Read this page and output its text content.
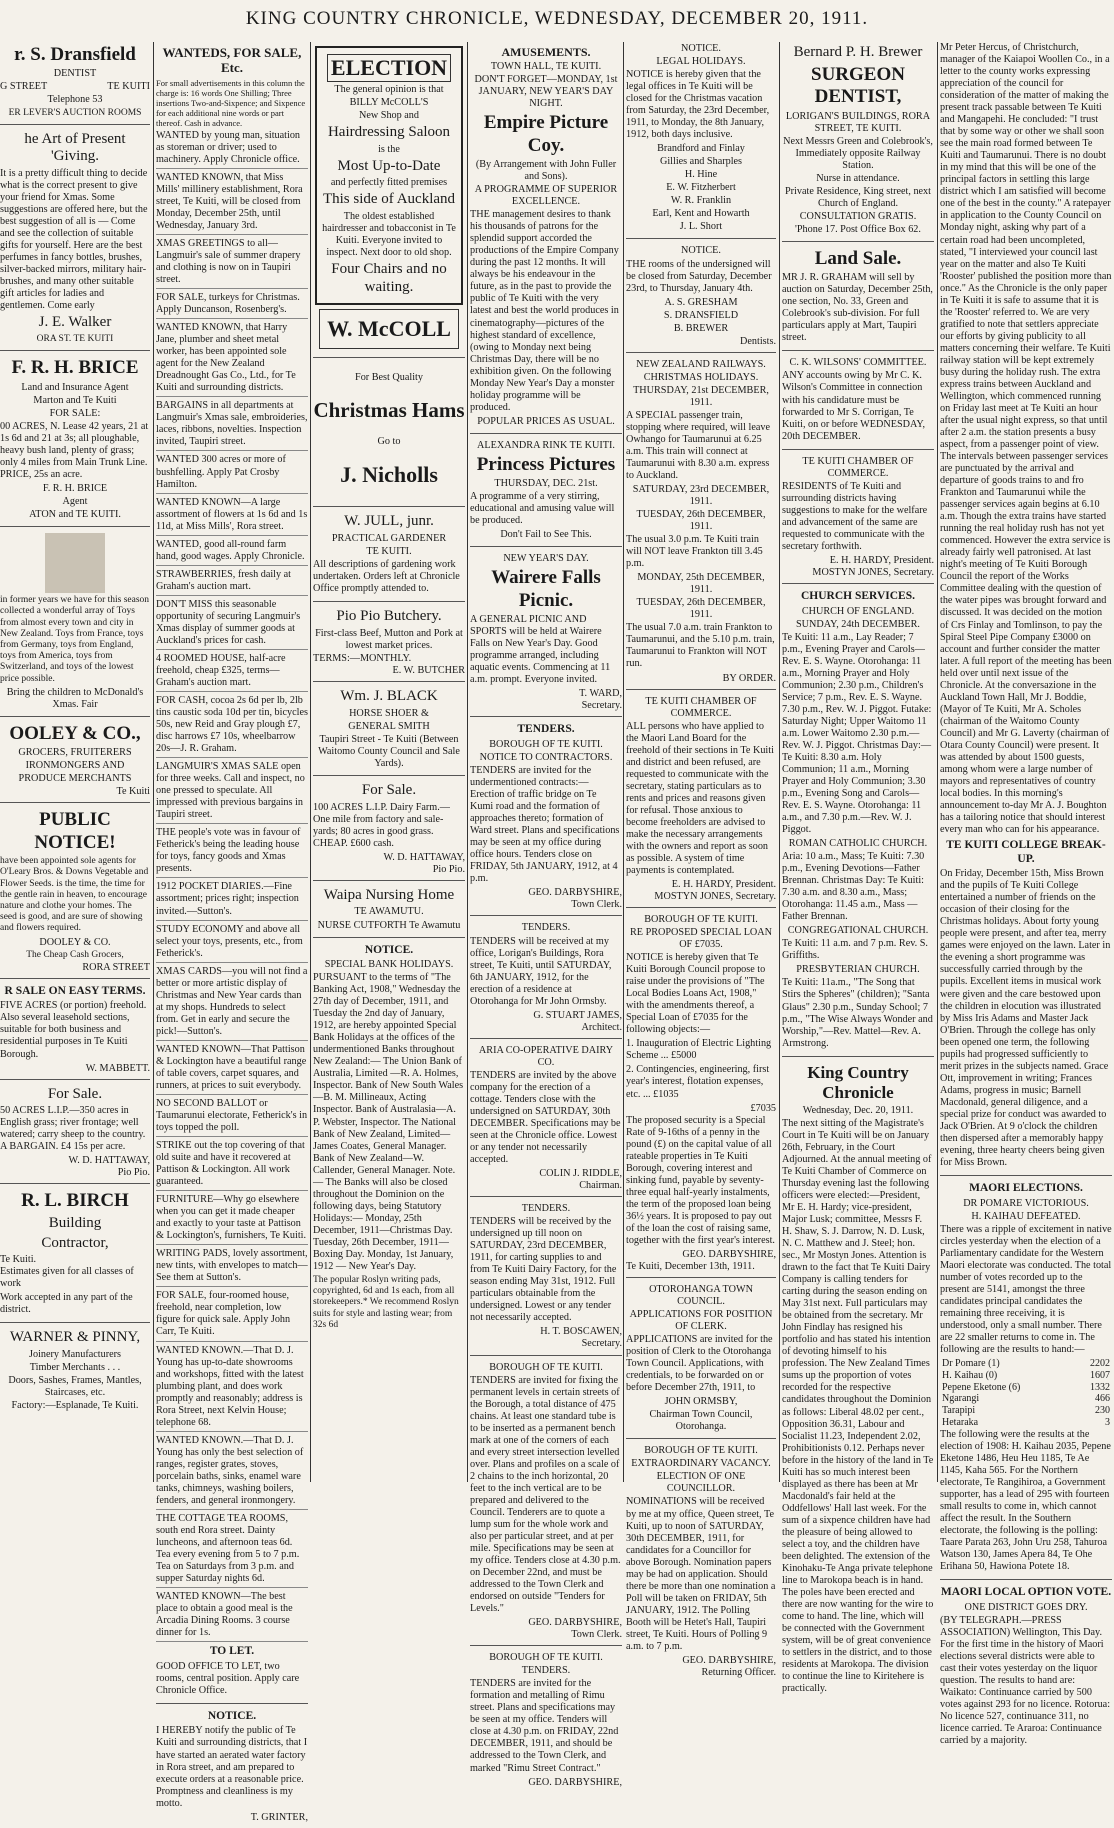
KING COUNTRY CHRONICLE, WEDNESDAY, DECEMBER 20, 1911.
r. S. Dransfield
DENTIST
G STREET	TE KUITI
Telephone 53
ER LEVER'S AUCTION ROOMS
he Art of Present 'Giving.

It is a pretty difficult thing to decide what is the correct present to give your friend for Xmas. Some suggestions are offered here, but the best suggestion of all is — Come and see the collection of suitable gifts for yourself. Here are the best perfumes in fancy bottles, brushes, silver-backed mirrors, military hair-brushes, and many other suitable gift articles for ladies and gentlemen. Come early

J. E. Walker
ORA ST. TE KUITI
F. R. H. BRICE
Land and Insurance Agent
Marton and Te Kuiti
FOR SALE:

00 ACRES, N. Lease 42 years, 21 at 1s 6d and 21 at 3s; all ploughable, heavy bush land, plenty of grass; only 4 miles from Main Trunk Line. PRICE, 25s an acre.

F. R. H. BRICE
Agent
ATON and TE KUITI.

in former years we have for this season collected a wonderful array of Toys from almost every town and city in New Zealand. Toys from France, toys from Germany, toys from England, toys from America, toys from Switzerland, and toys of the lowest price possible.

Bring the children to McDonald's Xmas. Fair
OOLEY & CO.,
GROCERS, FRUITERERS
IRONMONGERS AND
PRODUCE MERCHANTS
Te Kuiti
PUBLIC NOTICE!

have been appointed sole agents for O'Leary Bros. & Downs Vegetable and Flower Seeds. is the time, the time for the gentle rain in heaven, to encourage nature and clothe your homes. The seed is good, and are sure of showing and flowers required.

DOOLEY & CO.
The Cheap Cash Grocers,
RORA STREET
R SALE ON EASY TERMS.

FIVE ACRES (or portion) freehold. Also several leasehold sections, suitable for both business and residential purposes in Te Kuiti Borough.

W. MABBETT.
For Sale.

50 ACRES L.I.P.—350 acres in English grass; river frontage; well watered; carry sheep to the country. A BARGAIN. £4 15s per acre.

W. D. HATTAWAY,
Pio Pio.
R. L. BIRCH
Building
Contractor,
Te Kuiti.

Estimates given for all classes of work

Work accepted in any part of the district.

WARNER & PINNY,
Joinery Manufacturers
Timber Merchants . . .

Doors, Sashes, Frames, Mantles, Staircases, etc.

Factory:—Esplanade, Te Kuiti.
WANTEDS, FOR SALE, Etc.

For small advertisements in this column the charge is: 16 words One Shilling; Three insertions Two-and-Sixpence; and Sixpence for each additional nine words or part thereof. Cash in advance.

WANTED by young man, situation as storeman or driver; used to machinery. Apply Chronicle office.

WANTED KNOWN, that Miss Mills' millinery establishment, Rora street, Te Kuiti, will be closed from Monday, December 25th, until Wednesday, January 3rd.

XMAS GREETINGS to all—Langmuir's sale of summer drapery and clothing is now on in Taupiri street.

FOR SALE, turkeys for Christmas. Apply Duncanson, Rosenberg's.

WANTED KNOWN, that Harry Jane, plumber and sheet metal worker, has been appointed sole agent for the New Zealand Dreadnought Gas Co., Ltd., for Te Kuiti and surrounding districts.

BARGAINS in all departments at Langmuir's Xmas sale, embroideries, laces, ribbons, novelties. Inspection invited, Taupiri street.

WANTED 300 acres or more of bushfelling. Apply Pat Crosby Hamilton.

WANTED KNOWN—A large assortment of flowers at 1s 6d and 1s 11d, at Miss Mills', Rora street.

WANTED, good all-round farm hand, good wages. Apply Chronicle.

STRAWBERRIES, fresh daily at Graham's auction mart.

DON'T MISS this seasonable opportunity of securing Langmuir's Xmas display of summer goods at Auckland's prices for cash.

4 ROOMED HOUSE, half-acre freehold, cheap £325, terms—Graham's auction mart.

FOR CASH, cocoa 2s 6d per lb, 2lb tins caustic soda 10d per tin, bicycles 50s, new Reid and Gray plough £7, disc harrows £7 10s, wheelbarrow 20s—J. R. Graham.

LANGMUIR'S XMAS SALE open for three weeks. Call and inspect, no one pressed to speculate. All impressed with previous bargains in Taupiri street.

THE people's vote was in favour of Fetherick's being the leading house for toys, fancy goods and Xmas presents.

1912 POCKET DIARIES.—Fine assortment; prices right; inspection invited.—Sutton's.

STUDY ECONOMY and above all select your toys, presents, etc., from Fetherick's.

XMAS CARDS—you will not find a better or more artistic display of Christmas and New Year cards than at my shops. Hundreds to select from. Get in early and secure the pick!—Sutton's.

WANTED KNOWN—That Pattison & Lockington have a beautiful range of table covers, carpet squares, and runners, at prices to suit everybody.

NO SECOND BALLOT or Taumarunui electorate, Fetherick's in toys topped the poll.

STRIKE out the top covering of that old suite and have it recovered at Pattison & Lockington. All work guaranteed.

FURNITURE—Why go elsewhere when you can get it made cheaper and exactly to your taste at Pattison & Lockington's, furnishers, Te Kuiti.

WRITING PADS, lovely assortment, new tints, with envelopes to match—See them at Sutton's.

FOR SALE, four-roomed house, freehold, near completion, low figure for quick sale. Apply John Carr, Te Kuiti.

WANTED KNOWN.—That D. J. Young has up-to-date showrooms and workshops, fitted with the latest plumbing plant, and does work promptly and reasonably; address is Rora Street, next Kelvin House; telephone 68.

WANTED KNOWN.—That D. J. Young has only the best selection of ranges, register grates, stoves, porcelain baths, sinks, enamel ware tanks, chimneys, washing boilers, fenders, and general ironmongery.

THE COTTAGE TEA ROOMS, south end Rora street. Dainty luncheons, and afternoon teas 6d. Tea every evening from 5 to 7 p.m. Tea on Saturdays from 3 p.m. and supper Saturday nights 6d.

WANTED KNOWN—The best place to obtain a good meal is the Arcadia Dining Rooms. 3 course dinner for 1s.

TO LET.

GOOD OFFICE TO LET, two rooms, central position. Apply care Chronicle Office.

NOTICE.

I HEREBY notify the public of Te Kuiti and surrounding districts, that I have started an aerated water factory in Rora street, and am prepared to execute orders at a reasonable price. Promptness and cleanliness is my motto.

T. GRINTER,
ELECTION
The general opinion is that
BILLY McCOLL'S
New Shop and
Hairdressing Saloon
is the
Most Up-to-Date
and perfectly fitted premises
This side of Auckland

The oldest established hairdresser and tobacconist in Te Kuiti. Everyone invited to inspect. Next door to old shop.

Four Chairs and no waiting.
W. McCOLL
For Best Quality
Christmas Hams
Go to
J. Nicholls
W. JULL, junr.
PRACTICAL GARDENER
TE KUITI.

All descriptions of gardening work undertaken. Orders left at Chronicle Office promptly attended to.

Pio Pio Butchery.

First-class Beef, Mutton and Pork at lowest market prices.

TERMS:—MONTHLY.
E. W. BUTCHER
Wm. J. BLACK
HORSE SHOER &
GENERAL SMITH

Taupiri Street - Te Kuiti (Between Waitomo County Council and Sale Yards).

For Sale.

100 ACRES L.I.P. Dairy Farm.—One mile from factory and sale-yards; 80 acres in good grass. CHEAP. £600 cash.

W. D. HATTAWAY,
Pio Pio.
Waipa Nursing Home
TE AWAMUTU.
NURSE CUTFORTH Te Awamutu
NOTICE.
SPECIAL BANK HOLIDAYS.

PURSUANT to the terms of "The Banking Act, 1908," Wednesday the 27th day of December, 1911, and Tuesday the 2nd day of January, 1912, are hereby appointed Special Bank Holidays at the offices of the undermentioned Banks throughout New Zealand:— The Union Bank of Australia, Limited —R. A. Holmes, Inspector. Bank of New South Wales—B. M. Millineaux, Acting Inspector. Bank of Australasia—A. P. Webster, Inspector. The National Bank of New Zealand, Limited—James Coates, General Manager. Bank of New Zealand—W. Callender, General Manager. Note.— The Banks will also be closed throughout the Dominion on the following days, being Statutory Holidays:— Monday, 25th December, 1911—Christmas Day. Tuesday, 26th December, 1911—Boxing Day. Monday, 1st January, 1912 — New Year's Day.

The popular Roslyn writing pads, copyrighted, 6d and 1s each, from all storekeepers.* We recommend Roslyn suits for style and lasting wear; from 32s 6d

AMUSEMENTS.
TOWN HALL, TE KUITI.

DON'T FORGET—MONDAY, 1st JANUARY, NEW YEAR'S DAY NIGHT.

Empire Picture Coy.
(By Arrangement with John Fuller and Sons).
A PROGRAMME OF SUPERIOR EXCELLENCE.

THE management desires to thank his thousands of patrons for the splendid support accorded the productions of the Empire Company during the past 12 months. It will always be his endeavour in the future, as in the past to provide the public of Te Kuiti with the very latest and best the world produces in cinematography—pictures of the highest standard of excellence, (owing to Monday next being Christmas Day, there will be no exhibition given. On the following Monday New Year's Day a monster holiday programme will be produced.

POPULAR PRICES AS USUAL.
ALEXANDRA RINK TE KUITI.
Princess Pictures
THURSDAY, DEC. 21st.

A programme of a very stirring, educational and amusing value will be produced.

Don't Fail to See This.
NEW YEAR'S DAY.
Wairere Falls Picnic.

A GENERAL PICNIC AND SPORTS will be held at Wairere Falls on New Year's Day. Good programme arranged, including aquatic events. Commencing at 11 a.m. prompt. Everyone invited.

T. WARD,
Secretary.
TENDERS.
BOROUGH OF TE KUITI.
NOTICE TO CONTRACTORS.

TENDERS are invited for the undermentioned contracts:— Erection of traffic bridge on Te Kumi road and the formation of approaches thereto; formation of Ward street. Plans and specifications may be seen at my office during office hours. Tenders close on FRIDAY, 5th JANUARY, 1912, at 4 p.m.

GEO. DARBYSHIRE,
Town Clerk.
TENDERS.

TENDERS will be received at my office, Lorigan's Buildings, Rora street, Te Kuiti, until SATURDAY, 6th JANUARY, 1912, for the erection of a residence at Otorohanga for Mr John Ormsby.

G. STUART JAMES,
Architect.
ARIA CO-OPERATIVE DAIRY CO.

TENDERS are invited by the above company for the erection of a cottage. Tenders close with the undersigned on SATURDAY, 30th DECEMBER. Specifications may be seen at the Chronicle office. Lowest or any tender not necessarily accepted.

COLIN J. RIDDLE,
Chairman.
TENDERS.

TENDERS will be received by the undersigned up till noon on SATURDAY, 23rd DECEMBER, 1911, for carting supplies to and from Te Kuiti Dairy Factory, for the season ending May 31st, 1912. Full particulars obtainable from the undersigned. Lowest or any tender not necessarily accepted.

H. T. BOSCAWEN,
Secretary.
BOROUGH OF TE KUITI.

TENDERS are invited for fixing the permanent levels in certain streets of the Borough, a total distance of 475 chains. At least one standard tube is to be inserted as a permanent bench mark at one of the corners of each and every street intersection levelled over. Plans and profiles on a scale of 2 chains to the inch horizontal, 20 feet to the inch vertical are to be prepared and delivered to the Council. Tenderers are to quote a lump sum for the whole work and also per particular street, and at per mile. Specifications may be seen at my office. Tenders close at 4.30 p.m. on December 22nd, and must be addressed to the Town Clerk and endorsed on outside "Tenders for Levels."

GEO. DARBYSHIRE,
Town Clerk.
BOROUGH OF TE KUITI.
TENDERS.

TENDERS are invited for the formation and metalling of Rimu street. Plans and specifications may be seen at my office. Tenders will close at 4.30 p.m. on FRIDAY, 22nd DECEMBER, 1911, and should be addressed to the Town Clerk, and marked "Rimu Street Contract."

GEO. DARBYSHIRE,
NOTICE.
LEGAL HOLIDAYS.

NOTICE is hereby given that the legal offices in Te Kuiti will be closed for the Christmas vacation from Saturday, the 23rd December, 1911, to Monday, the 8th January, 1912, both days inclusive.

Brandford and Finlay
Gillies and Sharples
H. Hine
E. W. Fitzherbert
W. R. Franklin
Earl, Kent and Howarth
J. L. Short
NOTICE.

THE rooms of the undersigned will be closed from Saturday, December 23rd, to Thursday, January 4th.

A. S. GRESHAM
S. DRANSFIELD
B. BREWER
Dentists.
NEW ZEALAND RAILWAYS.
CHRISTMAS HOLIDAYS.
THURSDAY, 21st DECEMBER, 1911.

A SPECIAL passenger train, stopping where required, will leave Owhango for Taumarunui at 6.25 a.m. This train will connect at Taumarunui with 8.30 a.m. express to Auckland.

SATURDAY, 23rd DECEMBER, 1911.
TUESDAY, 26th DECEMBER, 1911.

The usual 3.0 p.m. Te Kuiti train will NOT leave Frankton till 3.45 p.m.

MONDAY, 25th DECEMBER, 1911.
TUESDAY, 26th DECEMBER, 1911.

The usual 7.0 a.m. train Frankton to Taumarunui, and the 5.10 p.m. train, Taumarunui to Frankton will NOT run.

BY ORDER.
TE KUITI CHAMBER OF COMMERCE.

ALL persons who have applied to the Maori Land Board for the freehold of their sections in Te Kuiti and district and been refused, are requested to communicate with the secretary, stating particulars as to rents and prices and reasons given for refusal. Those anxious to become freeholders are advised to make the necessary arrangements with the owners and report as soon as possible. A system of time payments is contemplated.

E. H. HARDY, President.
MOSTYN JONES, Secretary.
BOROUGH OF TE KUITI.
RE PROPOSED SPECIAL LOAN OF £7035.

NOTICE is hereby given that Te Kuiti Borough Council propose to raise under the provisions of "The Local Bodies Loans Act, 1908," with the amendments thereof, a Special Loan of £7035 for the following objects:—

1. Inauguration of Electric Lighting Scheme ... £5000

2. Contingencies, engineering, first year's interest, flotation expenses, etc. ... £1035

£7035

The proposed security is a Special Rate of 9-16ths of a penny in the pound (£) on the capital value of all rateable properties in Te Kuiti Borough, covering interest and sinking fund, payable by seventy-three equal half-yearly instalments, the term of the proposed loan being 36½ years. It is proposed to pay out of the loan the cost of raising same, together with the first year's interest.

GEO. DARBYSHIRE,
Te Kuiti, December 13th, 1911.
OTOROHANGA TOWN COUNCIL.
APPLICATIONS FOR POSITION OF CLERK.

APPLICATIONS are invited for the position of Clerk to the Otorohanga Town Council. Applications, with credentials, to be forwarded on or before December 27th, 1911, to

JOHN ORMSBY,
Chairman Town Council, Otorohanga.
BOROUGH OF TE KUITI.
EXTRAORDINARY VACANCY.
ELECTION OF ONE COUNCILLOR.

NOMINATIONS will be received by me at my office, Queen street, Te Kuiti, up to noon of SATURDAY, 30th DECEMBER, 1911, for candidates for a Councillor for above Borough. Nomination papers may be had on application. Should there be more than one nomination a Poll will be taken on FRIDAY, 5th JANUARY, 1912. The Polling Booth will be Hetet's Hall, Taupiri street, Te Kuiti. Hours of Polling 9 a.m. to 7 p.m.

GEO. DARBYSHIRE,
Returning Officer.
Bernard P. H. Brewer
SURGEON DENTIST,
LORIGAN'S BUILDINGS, RORA STREET, TE KUITI.

Next Messrs Green and Colebrook's, Immediately opposite Railway Station.

Nurse in attendance.

Private Residence, King street, next Church of England.

CONSULTATION GRATIS.
'Phone 17. Post Office Box 62.
Land Sale.

MR J. R. GRAHAM will sell by auction on Saturday, December 25th, one section, No. 33, Green and Colebrook's sub-division. For full particulars apply at Mart, Taupiri street.

C. K. WILSONS' COMMITTEE.

ANY accounts owing by Mr C. K. Wilson's Committee in connection with his candidature must be forwarded to Mr S. Corrigan, Te Kuiti, on or before WEDNESDAY, 20th DECEMBER.

TE KUITI CHAMBER OF COMMERCE.

RESIDENTS of Te Kuiti and surrounding districts having suggestions to make for the welfare and advancement of the same are requested to communicate with the secretary forthwith.

E. H. HARDY, President.
MOSTYN JONES, Secretary.
CHURCH SERVICES.
CHURCH OF ENGLAND.
SUNDAY, 24th DECEMBER.

Te Kuiti: 11 a.m., Lay Reader; 7 p.m., Evening Prayer and Carols—Rev. E. S. Wayne. Otorohanga: 11 a.m., Morning Prayer and Holy Communion; 2.30 p.m., Children's Service; 7 p.m., Rev. E. S. Wayne. 7.30 p.m., Rev. W. J. Piggot. Futake: Saturday Night; Upper Waitomo 11 a.m. Lower Waitomo 2.30 p.m.—Rev. W. J. Piggot. Christmas Day:—Te Kuiti: 8.30 a.m. Holy Communion; 11 a.m., Morning Prayer and Holy Communion; 3.30 p.m., Evening Song and Carols—Rev. E. S. Wayne. Otorohanga: 11 a.m., and 7.30 p.m.—Rev. W. J. Piggot.

ROMAN CATHOLIC CHURCH.

Aria: 10 a.m., Mass; Te Kuiti: 7.30 p.m., Evening Devotions—Father Brennan. Christmas Day: Te Kuiti: 7.30 a.m. and 8.30 a.m., Mass; Otorohanga: 11.45 a.m., Mass — Father Brennan.

CONGREGATIONAL CHURCH.

Te Kuiti: 11 a.m. and 7 p.m. Rev. S. Griffiths.

PRESBYTERIAN CHURCH.

Te Kuiti: 11a.m., "The Song that Stirs the Spheres" (children); "Santa Glaus" 2.30 p.m., Sunday School; 7 p.m., "The Wise Always Wonder and Worship,"—Rev. Mattel—Rev. A. Armstrong.

King Country Chronicle
Wednesday, Dec. 20, 1911.

The next sitting of the Magistrate's Court in Te Kuiti will be on January 26th, February, in the Court Adjourned. At the annual meeting of Te Kuiti Chamber of Commerce on Thursday evening last the following officers were elected:—President, Mr E. H. Hardy; vice-president, Major Lusk; committee, Messrs F. H. Shaw, S. J. Darrow, N. D. Lusk, N. C. Matthew and J. Steel; hon. sec., Mr Mostyn Jones. Attention is drawn to the fact that Te Kuiti Dairy Company is calling tenders for carting during the season ending on May 31st next. Full particulars may be obtained from the secretary. Mr John Findlay has resigned his portfolio and has stated his intention of devoting himself to his profession. The New Zealand Times sums up the proportion of votes recorded for the respective candidates throughout the Dominion as follows: Liberal 48.02 per cent., Opposition 36.31, Labour and Socialist 11.23, Independent 2.02, Prohibitionists 0.12. Perhaps never before in the history of the land in Te Kuiti has so much interest been displayed as there has been at Mr Macdonald's fair held at the Oddfellows' Hall last week. For the sum of a sixpence children have had the pleasure of being allowed to select a toy, and the children have been delighted. The extension of the Kinohaku-Te Anga private telephone line to Marokopa beach is in hand. The poles have been erected and there are now wanting for the wire to come to hand. The line, which will be connected with the Government system, will be of great convenience to settlers in the district, and to those residents at Marokopa. The division to continue the line to Kiritehere is practically.

Mr Peter Hercus, of Christchurch, manager of the Kaiapoi Woollen Co., in a letter to the county works expressing appreciation of the council for consideration of the matter of making the present track passable between Te Kuiti and Mangapehi. He concluded: "I trust that by some way or other we shall soon see the main road formed between Te Kuiti and Taumarunui. There is no doubt in my mind that this will be one of the principal factors in settling this large district which I am satisfied will become one of the best in the county." A ratepayer in application to the County Council on Monday night, asking why part of a certain road had been uncompleted, stated, "I interviewed your council last year on the matter and also Te Kuiti 'Rooster' published the position more than once." As the Chronicle is the only paper in Te Kuiti it is safe to assume that it is the 'Rooster' referred to. We are very gratified to note that settlers appreciate our efforts by giving publicity to all matters concerning their welfare. Te Kuiti railway station will be kept extremely busy during the holiday rush. The extra express trains between Auckland and Wellington, which commenced running on Friday last meet at Te Kuiti an hour after the usual night express, so that until after 2 a.m. the station presents a busy aspect, from a passenger point of view. The intervals between passenger services are punctuated by the arrival and departure of goods trains to and fro Frankton and Taumarunui while the passenger services again begins at 6.10 a.m. Though the extra trains have started running the real holiday rush has not yet commenced. However the extra service is already fairly well patronised. At last night's meeting of Te Kuiti Borough Council the report of the Works Committee dealing with the question of the water pipes was brought forward and discussed. It was decided on the motion of Crs Finlay and Tomlinson, to pay the Spiral Steel Pipe Company £3000 on account and further consider the matter later. A full report of the meeting has been held over until next issue of the Chronicle. At the conversazione in the Auckland Town Hall, Mr J. Boddie, (Mayor of Te Kuiti, Mr A. Scholes (chairman of the Waitomo County Council) and Mr G. Laverty (chairman of Otara County Council) were present. It was attended by about 1500 guests, among whom were a large number of mayors and representatives of country local bodies. In this morning's announcement to-day Mr A. J. Boughton has a tailoring notice that should interest every man who can for his appearance.

TE KUITI COLLEGE BREAK-UP.

On Friday, December 15th, Miss Brown and the pupils of Te Kuiti College entertained a number of friends on the occasion of their closing for the Christmas holidays. About forty young people were present, and after tea, merry games were enjoyed on the lawn. Later in the evening a short programme was successfully carried through by the pupils. Excellent items in musical work were given and the care bestowed upon the children in elocution was illustrated by Miss Iris Adams and Master Jack O'Brien. Through the college has only been opened one term, the following pupils had progressed sufficiently to merit prizes in the subjects named. Grace Ott, improvement in writing; Frances Adams, progress in music; Barnell Macdonald, general diligence, and a special prize for conduct was awarded to Jack O'Brien. At 9 o'clock the children then dispersed after a memorably happy evening, three hearty cheers being given for Miss Brown.

MAORI ELECTIONS.
DR POMARE VICTORIOUS.
H. KAIHAU DEFEATED.

There was a ripple of excitement in native circles yesterday when the election of a Parliamentary candidate for the Western Maori electorate was conducted. The total number of votes recorded up to the present are 5141, amongst the three candidates principal candidates the remaining three receiving, it is understood, only a small number. There are 22 smaller returns to come in. The following are the results to hand:—

Dr Pomare (1)	2202
H. Kaihau (0)	1607
Pepene Eketone (6)	1332
Ngarangi	466
Tarapipi	230
Hetaraka	3

The following were the results at the election of 1908: H. Kaihau 2035, Pepene Eketone 1486, Heu Heu 1185, Te Ae 1145, Kaha 565. For the Northern electorate, Te Rangihiroa, a Government supporter, has a lead of 295 with fourteen small results to come in, which cannot affect the result. In the Southern electorate, the following is the polling: Taare Parata 263, John Uru 258, Tahuroa Watson 130, James Apera 84, Te Ohe Erihana 50, Hawiona Potete 18.

MAORI LOCAL OPTION VOTE.
ONE DISTRICT GOES DRY.

(BY TELEGRAPH.—PRESS ASSOCIATION) Wellington, This Day. For the first time in the history of Maori elections several districts were able to cast their votes yesterday on the liquor question. The results to hand are: Waikato: Continuance carried by 500 votes against 293 for no licence. Rotorua: No licence 527, continuance 311, no licence carried. Te Araroa: Continuance carried by a majority.
